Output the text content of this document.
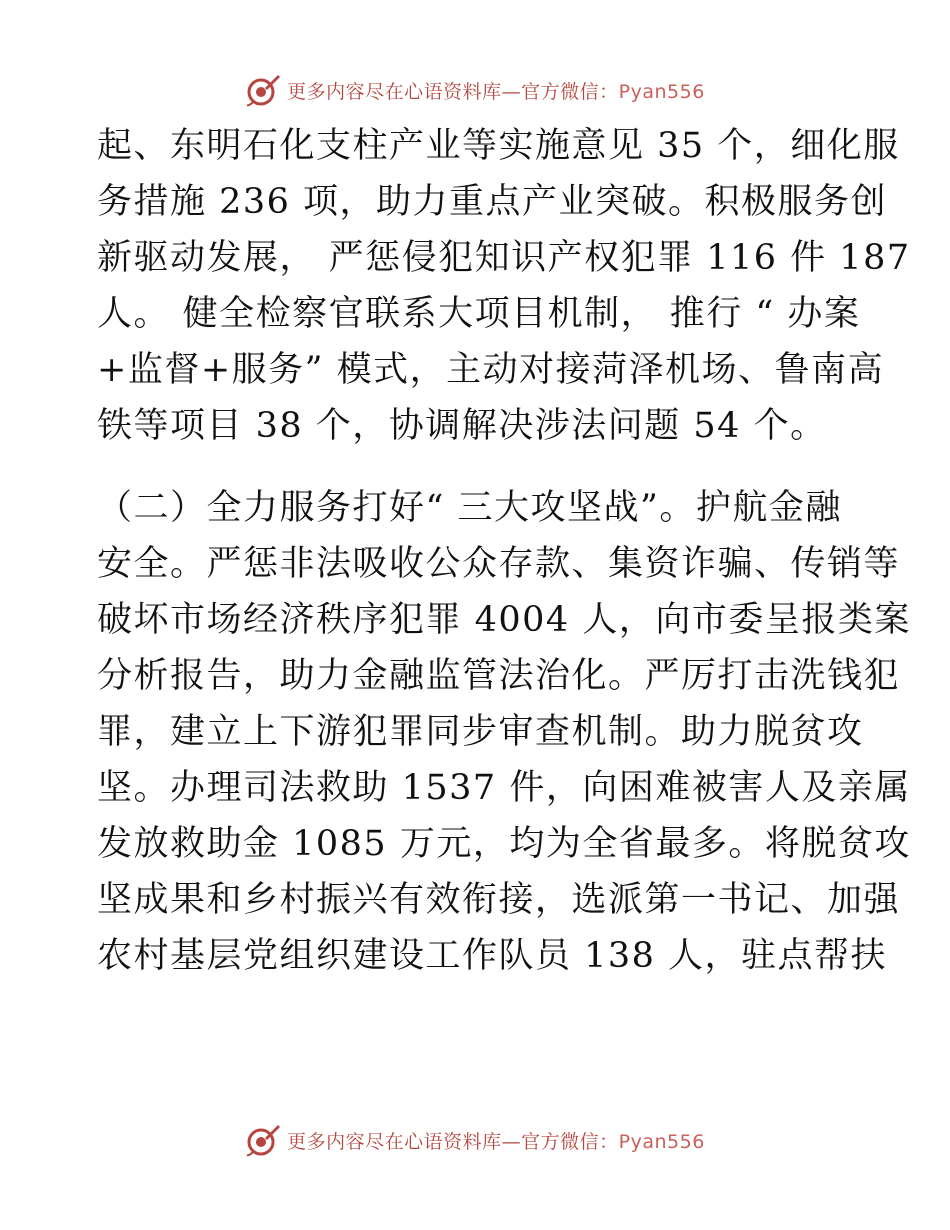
更多内容尽在心语资料库—官方微信：Pyan556

起、东明石化支柱产业等实施意见 35 个，细化服
务措施 236 项，助力重点产业突破。积极服务创
新驱动发展， 严惩侵犯知识产权犯罪 116 件 187
人。 健全检察官联系大项目机制， 推行 “ 办案
+监督+服务” 模式，主动对接菏泽机场、鲁南高
铁等项目 38 个，协调解决涉法问题 54 个。

（二）全力服务打好“ 三大攻坚战”。护航金融
安全。严惩非法吸收公众存款、集资诈骗、传销等
破坏市场经济秩序犯罪 4004 人，向市委呈报类案
分析报告，助力金融监管法治化。严厉打击洗钱犯
罪，建立上下游犯罪同步审查机制。助力脱贫攻
坚。办理司法救助 1537 件，向困难被害人及亲属
发放救助金 1085 万元，均为全省最多。将脱贫攻
坚成果和乡村振兴有效衔接，选派第一书记、加强
农村基层党组织建设工作队员 138 人，驻点帮扶

更多内容尽在心语资料库—官方微信：Pyan556
